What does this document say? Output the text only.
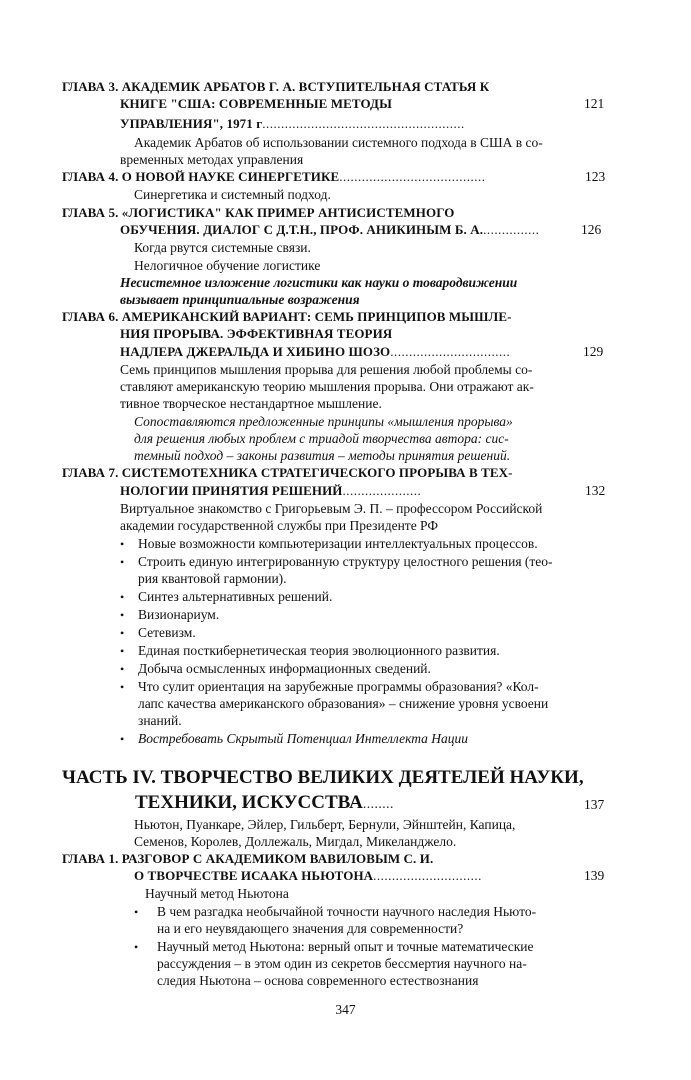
ГЛАВА 3. АКАДЕМИК АРБАТОВ Г. А. ВСТУПИТЕЛЬНАЯ СТАТЬЯ К
КНИГЕ "США: СОВРЕМЕННЫЕ МЕТОДЫ	121
УПРАВЛЕНИЯ", 1971 г......................................................
Академик Арбатов об использовании системного подхода в США в со-
временных методах управления
ГЛАВА 4. О НОВОЙ НАУКЕ СИНЕРГЕТИКЕ.......................................	123
Синергетика и системный подход.
ГЛАВА 5. «ЛОГИСТИКА" КАК ПРИМЕР АНТИСИСТЕМНОГО
ОБУЧЕНИЯ. ДИАЛОГ С Д.Т.Н., ПРОФ. АНИКИНЫМ Б. А................	126
Когда рвутся системные связи.
Нелогичное обучение логистике
Несистемное изложение логистики как науки о товародвижении
вызывает принципиальные возражения
ГЛАВА 6. АМЕРИКАНСКИЙ ВАРИАНТ: СЕМЬ ПРИНЦИПОВ МЫШЛЕ-
НИЯ ПРОРЫВА. ЭФФЕКТИВНАЯ ТЕОРИЯ
НАДЛЕРА ДЖЕРАЛЬДА И ХИБИНО ШОЗО................................	129
Семь принципов мышления прорыва для решения любой проблемы со-
ставляют американскую теорию мышления прорыва. Они отражают ак-
тивное творческое нестандартное мышление.
Сопоставляются предложенные принципы «мышления прорыва»
для решения любых проблем с триадой творчества автора: сис-
темный подход – законы развития – методы принятия решений.
ГЛАВА 7. СИСТЕМОТЕХНИКА СТРАТЕГИЧЕСКОГО ПРОРЫВА В ТЕХ-
НОЛОГИИ ПРИНЯТИЯ РЕШЕНИЙ.....................	132
Виртуальное знакомство с Григорьевым Э. П. – профессором Российской
академии государственной службы при Президенте РФ
• Новые возможности компьютеризации интеллектуальных процессов.
• Строить единую интегрированную структуру целостного решения (тео-
рия квантовой гармонии).
• Синтез альтернативных решений.
• Визионариум.
• Сетевизм.
• Единая посткибернетическая теория эволюционного развития.
• Добыча осмысленных информационных сведений.
• Что сулит ориентация на зарубежные программы образования? «Кол-
лапс качества американского образования» – снижение уровня усвоени
знаний.
• Востребовать Скрытый Потенциал Интеллекта Нации
ЧАСТЬ IV. ТВОРЧЕСТВО ВЕЛИКИХ ДЕЯТЕЛЕЙ НАУКИ,
ТЕХНИКИ, ИСКУССТВА........	137
Ньютон, Пуанкаре, Эйлер, Гильберт, Бернули, Эйнштейн, Капица,
Семенов, Королев, Доллежаль, Мигдал, Микеланджело.
ГЛАВА 1. РАЗГОВОР С АКАДЕМИКОМ ВАВИЛОВЫМ С. И.
О ТВОРЧЕСТВЕ ИСААКА НЬЮТОНА.............................	139
Научный метод Ньютона
• В чем разгадка необычайной точности научного наследия Ньюто-
на и его неувядающего значения для современности?
• Научный метод Ньютона: верный опыт и точные математические
рассуждения – в этом один из секретов бессмертия научного на-
следия Ньютона – основа современного естествознания
347
